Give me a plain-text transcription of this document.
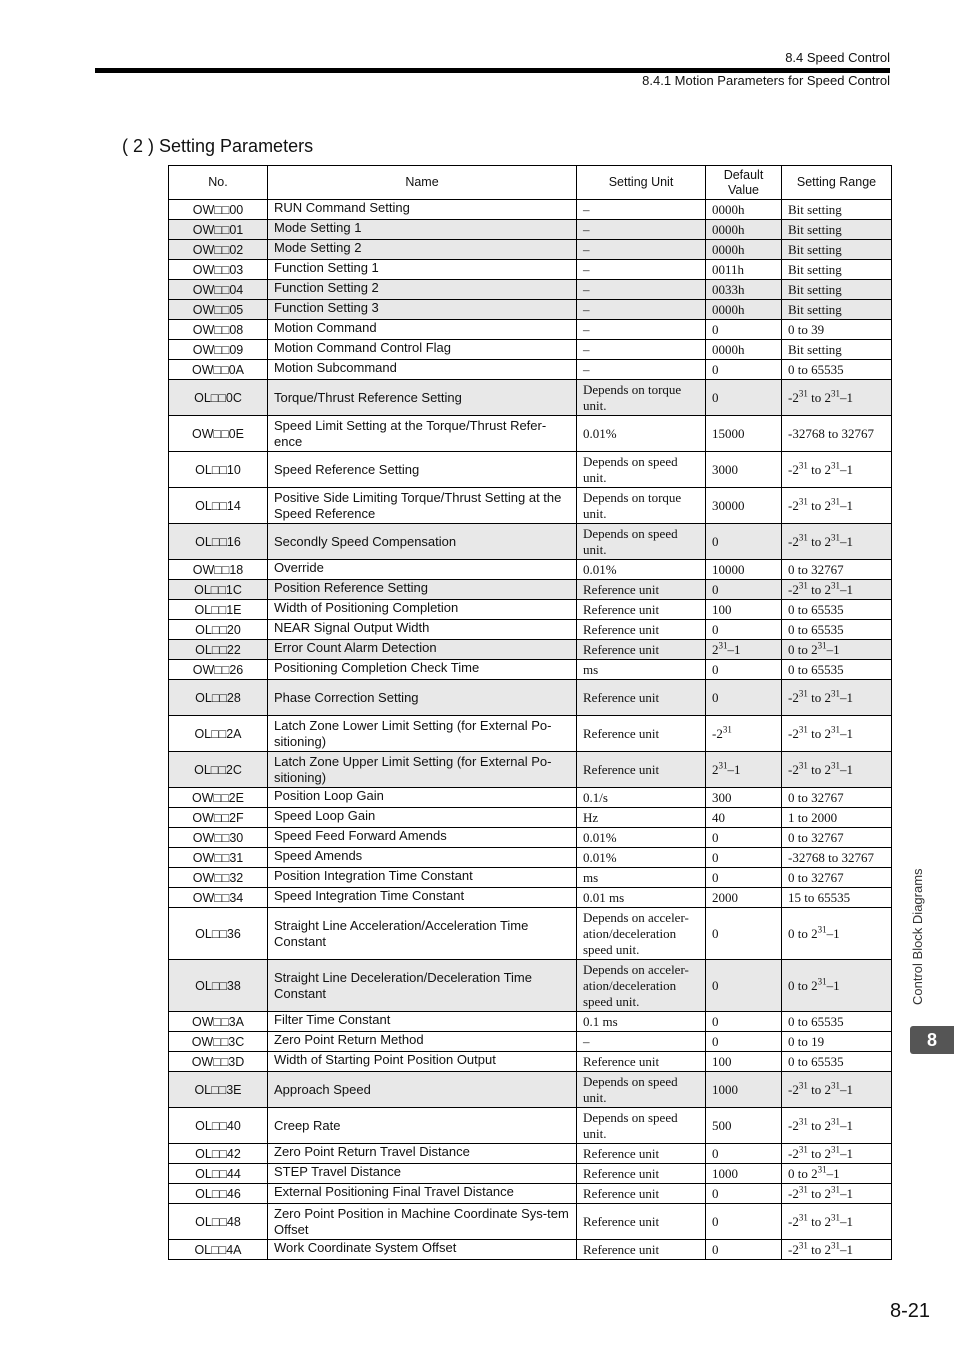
8.4 Speed Control
8.4.1 Motion Parameters for Speed Control
( 2 ) Setting Parameters
No.	Name	Setting Unit	Default Value	Setting Range
OW□□00	RUN Command Setting	–	0000h	Bit setting
OW□□01	Mode Setting 1	–	0000h	Bit setting
OW□□02	Mode Setting 2	–	0000h	Bit setting
OW□□03	Function Setting 1	–	0011h	Bit setting
OW□□04	Function Setting 2	–	0033h	Bit setting
OW□□05	Function Setting 3	–	0000h	Bit setting
OW□□08	Motion Command	–	0	0 to 39
OW□□09	Motion Command Control Flag	–	0000h	Bit setting
OW□□0A	Motion Subcommand	–	0	0 to 65535
OL□□0C	Torque/Thrust Reference Setting	Depends on torque unit.	0	$-2^{31}$ to $2^{31}-1$
OW□□0E	Speed Limit Setting at the Torque/Thrust Refer-ence	0.01%	15000	-32768 to 32767
OL□□10	Speed Reference Setting	Depends on speed unit.	3000	$-2^{31}$ to $2^{31}-1$
OL□□14	Positive Side Limiting Torque/Thrust Setting at the Speed Reference	Depends on torque unit.	30000	$-2^{31}$ to $2^{31}-1$
OL□□16	Secondly Speed Compensation	Depends on speed unit.	0	$-2^{31}$ to $2^{31}-1$
OW□□18	Override	0.01%	10000	0 to 32767
OL□□1C	Position Reference Setting	Reference unit	0	$-2^{31}$ to $2^{31}-1$
OL□□1E	Width of Positioning Completion	Reference unit	100	0 to 65535
OL□□20	NEAR Signal Output Width	Reference unit	0	0 to 65535
OL□□22	Error Count Alarm Detection	Reference unit	$2^{31}-1$	0 to $2^{31}-1$
OW□□26	Positioning Completion Check Time	ms	0	0 to 65535
OL□□28	Phase Correction Setting	Reference unit	0	$-2^{31}$ to $2^{31}-1$
OL□□2A	Latch Zone Lower Limit Setting (for External Po-sitioning)	Reference unit	$-2^{31}$	$-2^{31}$ to $2^{31}-1$
OL□□2C	Latch Zone Upper Limit Setting (for External Po-sitioning)	Reference unit	$2^{31}-1$	$-2^{31}$ to $2^{31}-1$
OW□□2E	Position Loop Gain	0.1/s	300	0 to 32767
OW□□2F	Speed Loop Gain	Hz	40	1 to 2000
OW□□30	Speed Feed Forward Amends	0.01%	0	0 to 32767
OW□□31	Speed Amends	0.01%	0	-32768 to 32767
OW□□32	Position Integration Time Constant	ms	0	0 to 32767
OW□□34	Speed Integration Time Constant	0.01 ms	2000	15 to 65535
OL□□36	Straight Line Acceleration/Acceleration Time Constant	Depends on acceler-ation/deceleration speed unit.	0	0 to $2^{31}-1$
OL□□38	Straight Line Deceleration/Deceleration Time Constant	Depends on acceler-ation/deceleration speed unit.	0	0 to $2^{31}-1$
OW□□3A	Filter Time Constant	0.1 ms	0	0 to 65535
OW□□3C	Zero Point Return Method	–	0	0 to 19
OW□□3D	Width of Starting Point Position Output	Reference unit	100	0 to 65535
OL□□3E	Approach Speed	Depends on speed unit.	1000	$-2^{31}$ to $2^{31}-1$
OL□□40	Creep Rate	Depends on speed unit.	500	$-2^{31}$ to $2^{31}-1$
OL□□42	Zero Point Return Travel Distance	Reference unit	0	$-2^{31}$ to $2^{31}-1$
OL□□44	STEP Travel Distance	Reference unit	1000	0 to $2^{31}-1$
OL□□46	External Positioning Final Travel Distance	Reference unit	0	$-2^{31}$ to $2^{31}-1$
OL□□48	Zero Point Position in Machine Coordinate Sys-tem Offset	Reference unit	0	$-2^{31}$ to $2^{31}-1$
OL□□4A	Work Coordinate System Offset	Reference unit	0	$-2^{31}$ to $2^{31}-1$
Control Block Diagrams
8
8-21
